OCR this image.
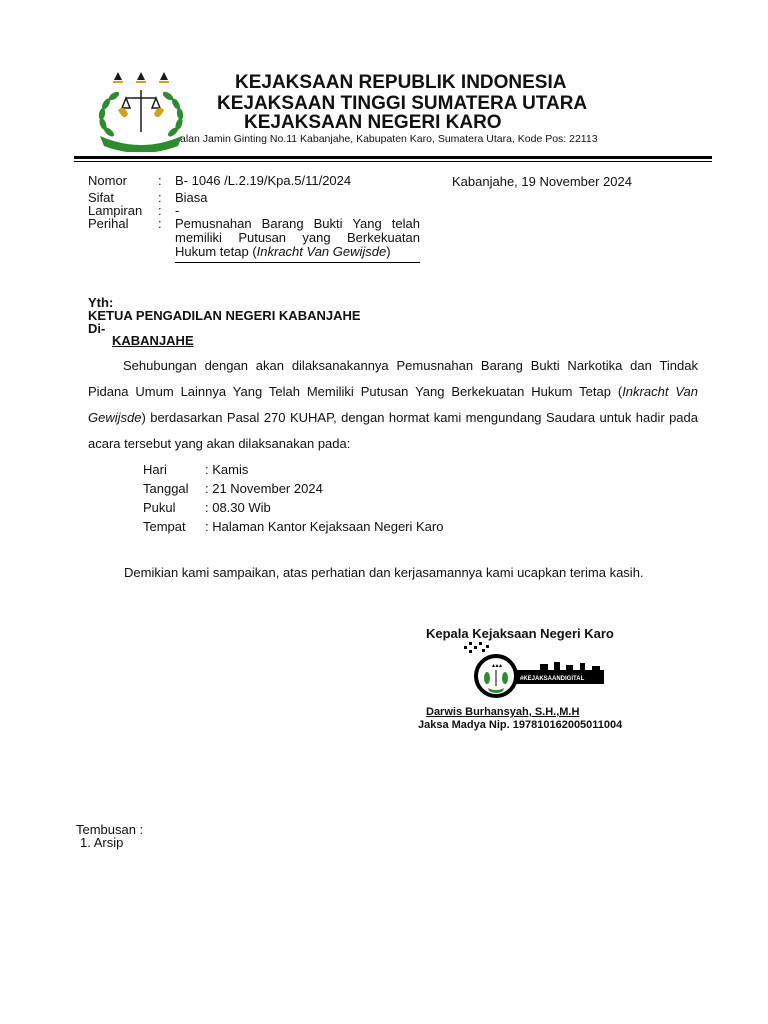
KEJAKSAAN REPUBLIK INDONESIA
KEJAKSAAN TINGGI SUMATERA UTARA
KEJAKSAAN NEGERI KARO
alan Jamin Ginting No.11 Kabanjahe, Kabupaten Karo, Sumatera Utara, Kode Pos: 22113
Nomor : B- 1046 /L.2.19/Kpa.5/11/2024
Sifat	: Biasa
Lampiran : -
Perihal : Pemusnahan Barang Bukti Yang telah
memiliki Putusan yang Berkekuatan
Hukum tetap (Inkracht Van Gewijsde)
Kabanjahe, 19 November 2024
Yth:
KETUA PENGADILAN NEGERI KABANJAHE
Di-
KABANJAHE
Sehubungan dengan akan dilaksanakannya Pemusnahan Barang Bukti Narkotika dan Tindak Pidana Umum Lainnya Yang Telah Memiliki Putusan Yang Berkekuatan Hukum Tetap (Inkracht Van Gewijsde) berdasarkan Pasal 270 KUHAP, dengan hormat kami mengundang Saudara untuk hadir pada acara tersebut yang akan dilaksanakan pada:
Hari	: Kamis
Tanggal : 21 November 2024
Pukul : 08.30 Wib
Tempat : Halaman Kantor Kejaksaan Negeri Karo
Demikian kami sampaikan, atas perhatian dan kerjasamannya kami ucapkan terima kasih.
Kepala Kejaksaan Negeri Karo
#KEJAKSAANDIGITAL
Darwis Burhansyah, S.H.,M.H
Jaksa Madya Nip. 197810162005011004
Tembusan :
1. Arsip
